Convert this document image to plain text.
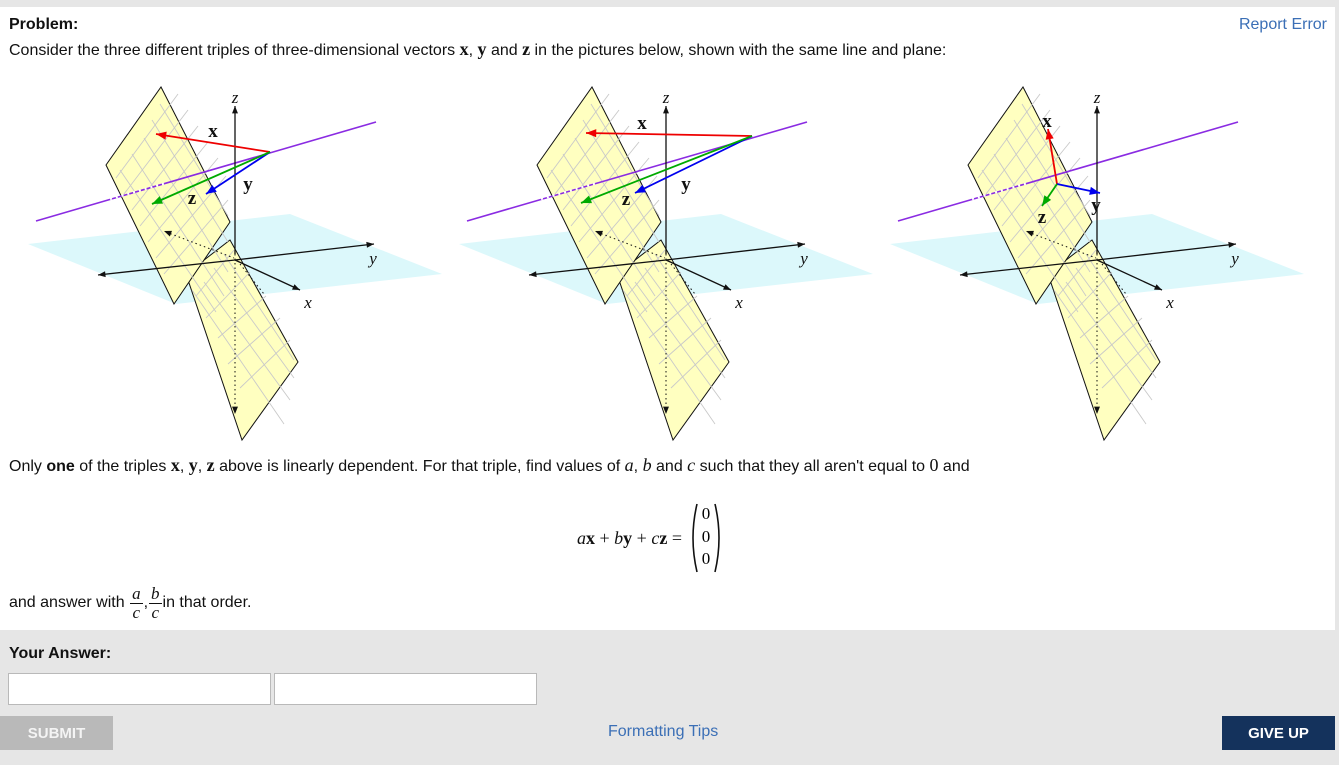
Problem:	Report Error
Consider the three different triples of three-dimensional vectors x, y and z in the pictures below, shown with the same line and plane:
z
y
x
x
y
z
z
y
x
x
y
z
z
y
x
x
y
z
Only one of the triples x, y, z above is linearly dependent. For that triple, find values of a, b and c such that they all aren't equal to 0 and
a x + b y + c z =
0
0
0
and answer with $\frac{a}{c}$ , $\frac{b}{c}$ in that order.
Your Answer:
SUBMIT	Formatting Tips	GIVE UP
